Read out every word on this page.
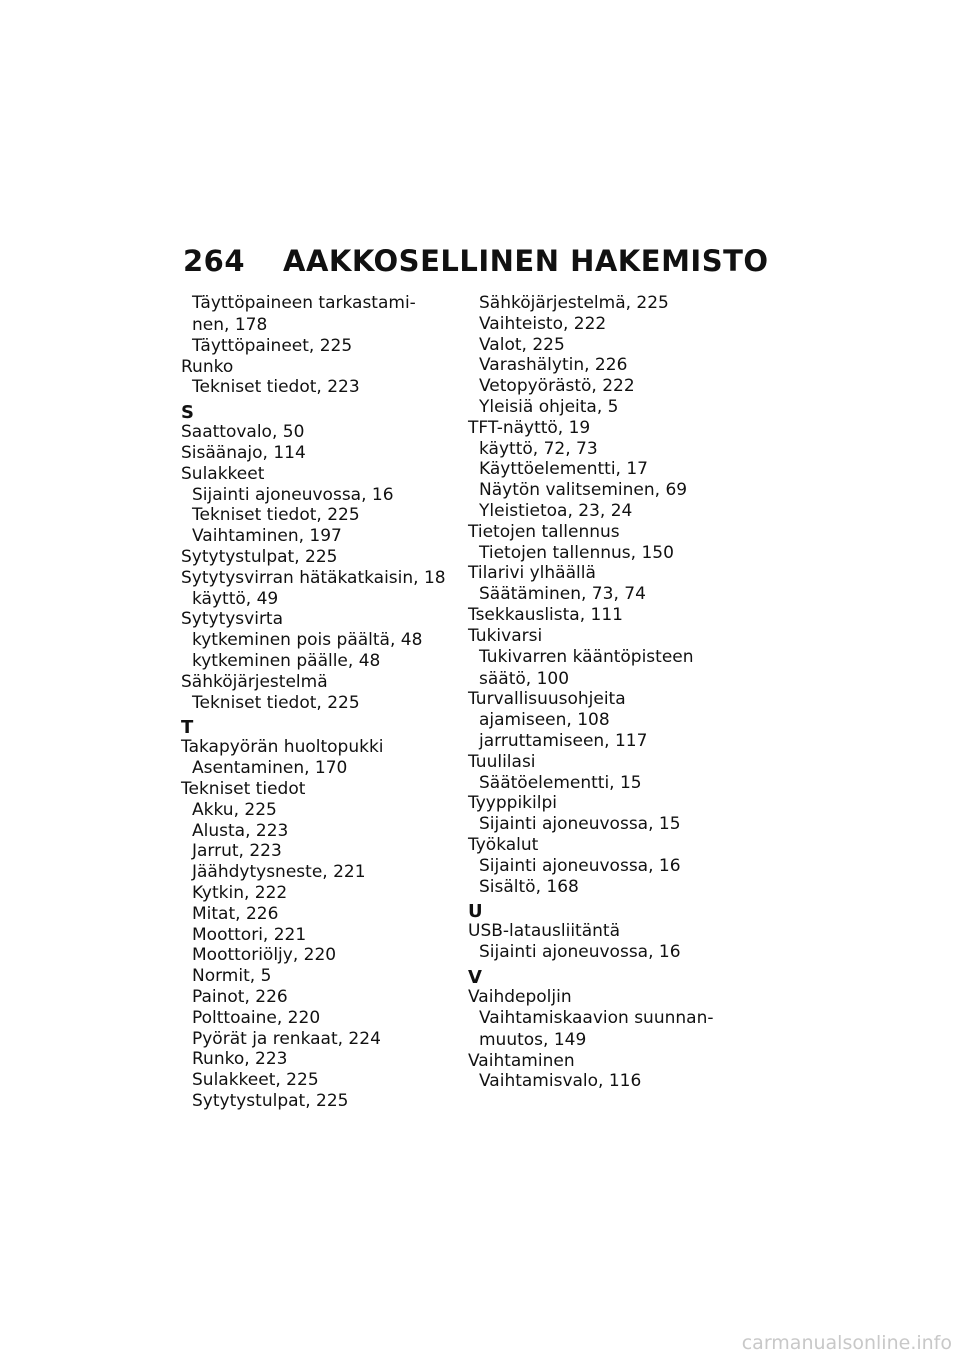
264 AAKKOSELLINEN HAKEMISTO
Täyttöpaineen tarkastami-
nen, 178
Täyttöpaineet, 225
Runko
Tekniset tiedot, 223
S
Saattovalo, 50
Sisäänajo, 114
Sulakkeet
Sijainti ajoneuvossa, 16
Tekniset tiedot, 225
Vaihtaminen, 197
Sytytystulpat, 225
Sytytysvirran hätäkatkaisin, 18
käyttö, 49
Sytytysvirta
kytkeminen pois päältä, 48
kytkeminen päälle, 48
Sähköjärjestelmä
Tekniset tiedot, 225
T
Takapyörän huoltopukki
Asentaminen, 170
Tekniset tiedot
Akku, 225
Alusta, 223
Jarrut, 223
Jäähdytysneste, 221
Kytkin, 222
Mitat, 226
Moottori, 221
Moottoriöljy, 220
Normit, 5
Painot, 226
Polttoaine, 220
Pyörät ja renkaat, 224
Runko, 223
Sulakkeet, 225
Sytytystulpat, 225
Sähköjärjestelmä, 225
Vaihteisto, 222
Valot, 225
Varashälytin, 226
Vetopyörästö, 222
Yleisiä ohjeita, 5
TFT-näyttö, 19
käyttö, 72, 73
Käyttöelementti, 17
Näytön valitseminen, 69
Yleistietoa, 23, 24
Tietojen tallennus
Tietojen tallennus, 150
Tilarivi ylhäällä
Säätäminen, 73, 74
Tsekkauslista, 111
Tukivarsi
Tukivarren kääntöpisteen
säätö, 100
Turvallisuusohjeita
ajamiseen, 108
jarruttamiseen, 117
Tuulilasi
Säätöelementti, 15
Tyyppikilpi
Sijainti ajoneuvossa, 15
Työkalut
Sijainti ajoneuvossa, 16
Sisältö, 168
U
USB-latausliitäntä
Sijainti ajoneuvossa, 16
V
Vaihdepoljin
Vaihtamiskaavion suunnan-
muutos, 149
Vaihtaminen
Vaihtamisvalo, 116
carmanualsonline.info
